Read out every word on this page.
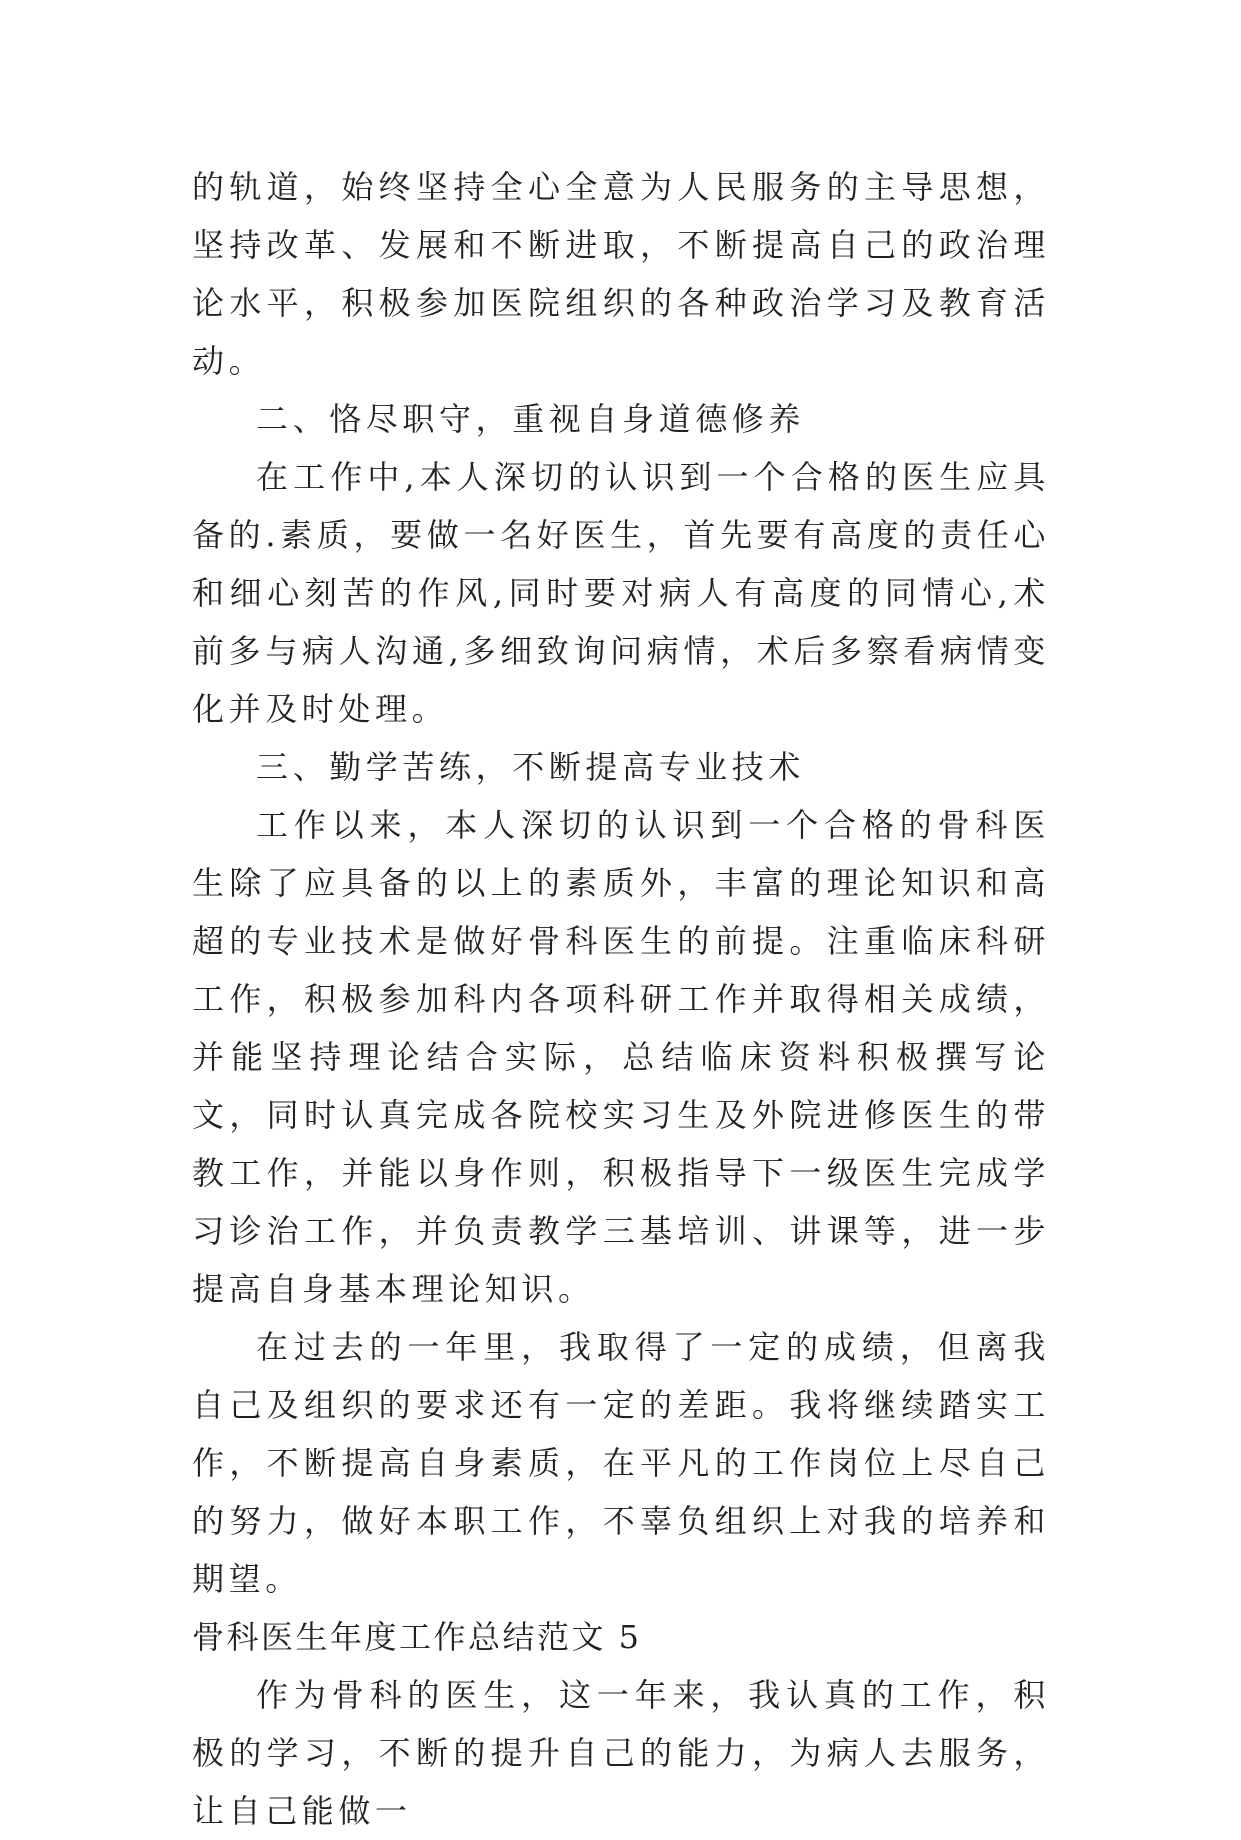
的轨道，始终坚持全心全意为人民服务的主导思想，坚持改革、发展和不断进取，不断提高自己的政治理论水平，积极参加医院组织的各种政治学习及教育活动。

二、恪尽职守，重视自身道德修养

在工作中,本人深切的认识到一个合格的医生应具备的.素质，要做一名好医生，首先要有高度的责任心和细心刻苦的作风,同时要对病人有高度的同情心,术前多与病人沟通,多细致询问病情，术后多察看病情变化并及时处理。

三、勤学苦练，不断提高专业技术

工作以来，本人深切的认识到一个合格的骨科医生除了应具备的以上的素质外，丰富的理论知识和高超的专业技术是做好骨科医生的前提。注重临床科研工作，积极参加科内各项科研工作并取得相关成绩，并能坚持理论结合实际，总结临床资料积极撰写论文，同时认真完成各院校实习生及外院进修医生的带教工作，并能以身作则，积极指导下一级医生完成学习诊治工作，并负责教学三基培训、讲课等，进一步提高自身基本理论知识。

在过去的一年里，我取得了一定的成绩，但离我自己及组织的要求还有一定的差距。我将继续踏实工作，不断提高自身素质，在平凡的工作岗位上尽自己的努力，做好本职工作，不辜负组织上对我的培养和期望。

骨科医生年度工作总结范文 5

作为骨科的医生，这一年来，我认真的工作，积极的学习，不断的提升自己的能力，为病人去服务，让自己能做一
